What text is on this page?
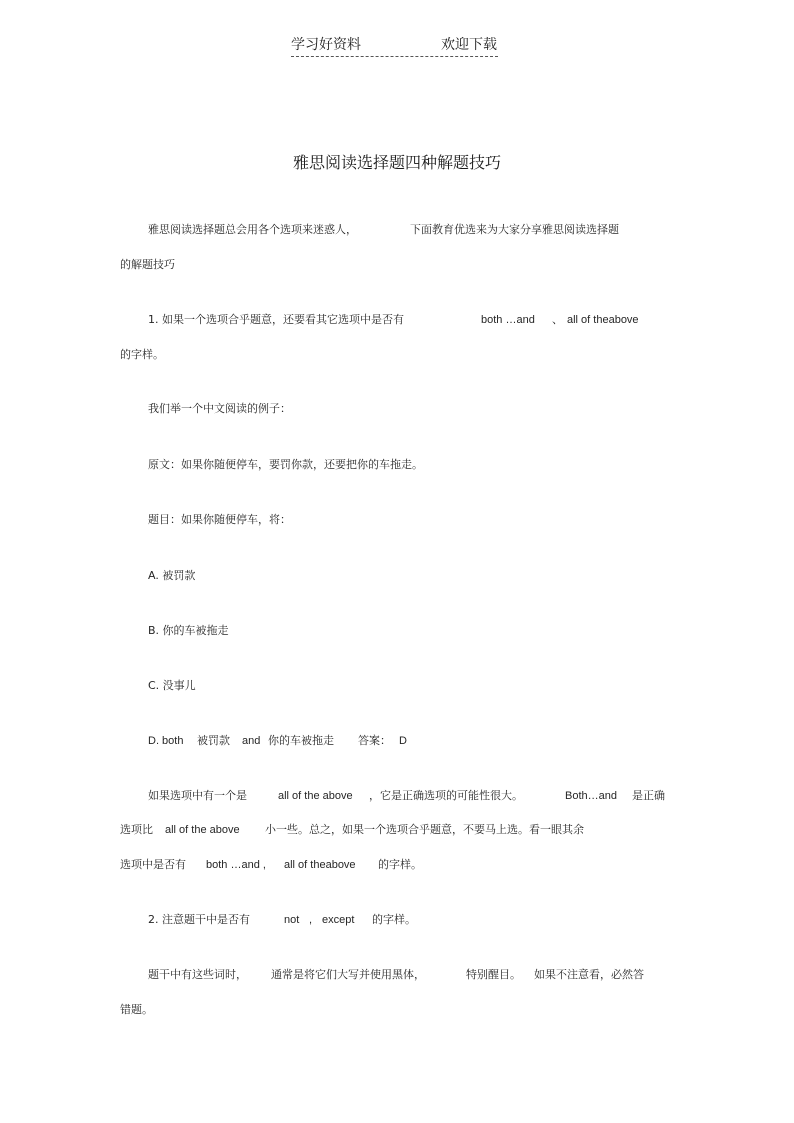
学习好资料	欢迎下载
雅思阅读选择题四种解题技巧
雅思阅读选择题总会用各个选项来迷惑人，	下面教育优选来为大家分享雅思阅读选择题
的解题技巧
1. 如果一个选项合乎题意，还要看其它选项中是否有	both …and 、 all of theabove
的字样。
我们举一个中文阅读的例子：
原文：如果你随便停车，要罚你款，还要把你的车拖走。
题目：如果你随便停车，将：
A. 被罚款
B. 你的车被拖走
C. 没事儿
D. both 被罚款 and 你的车被拖走 答案： D
如果选项中有一个是	all of the above ，它是正确选项的可能性很大。	Both…and 是正确
选项比 all of the above 小一些。总之，如果一个选项合乎题意，不要马上选。看一眼其余
选项中是否有 both …and , all of theabove 的字样。
2. 注意题干中是否有	not , except 的字样。
题干中有这些词时， 通常是将它们大写并使用黑体，	特别醒目。 如果不注意看，必然答
错题。
